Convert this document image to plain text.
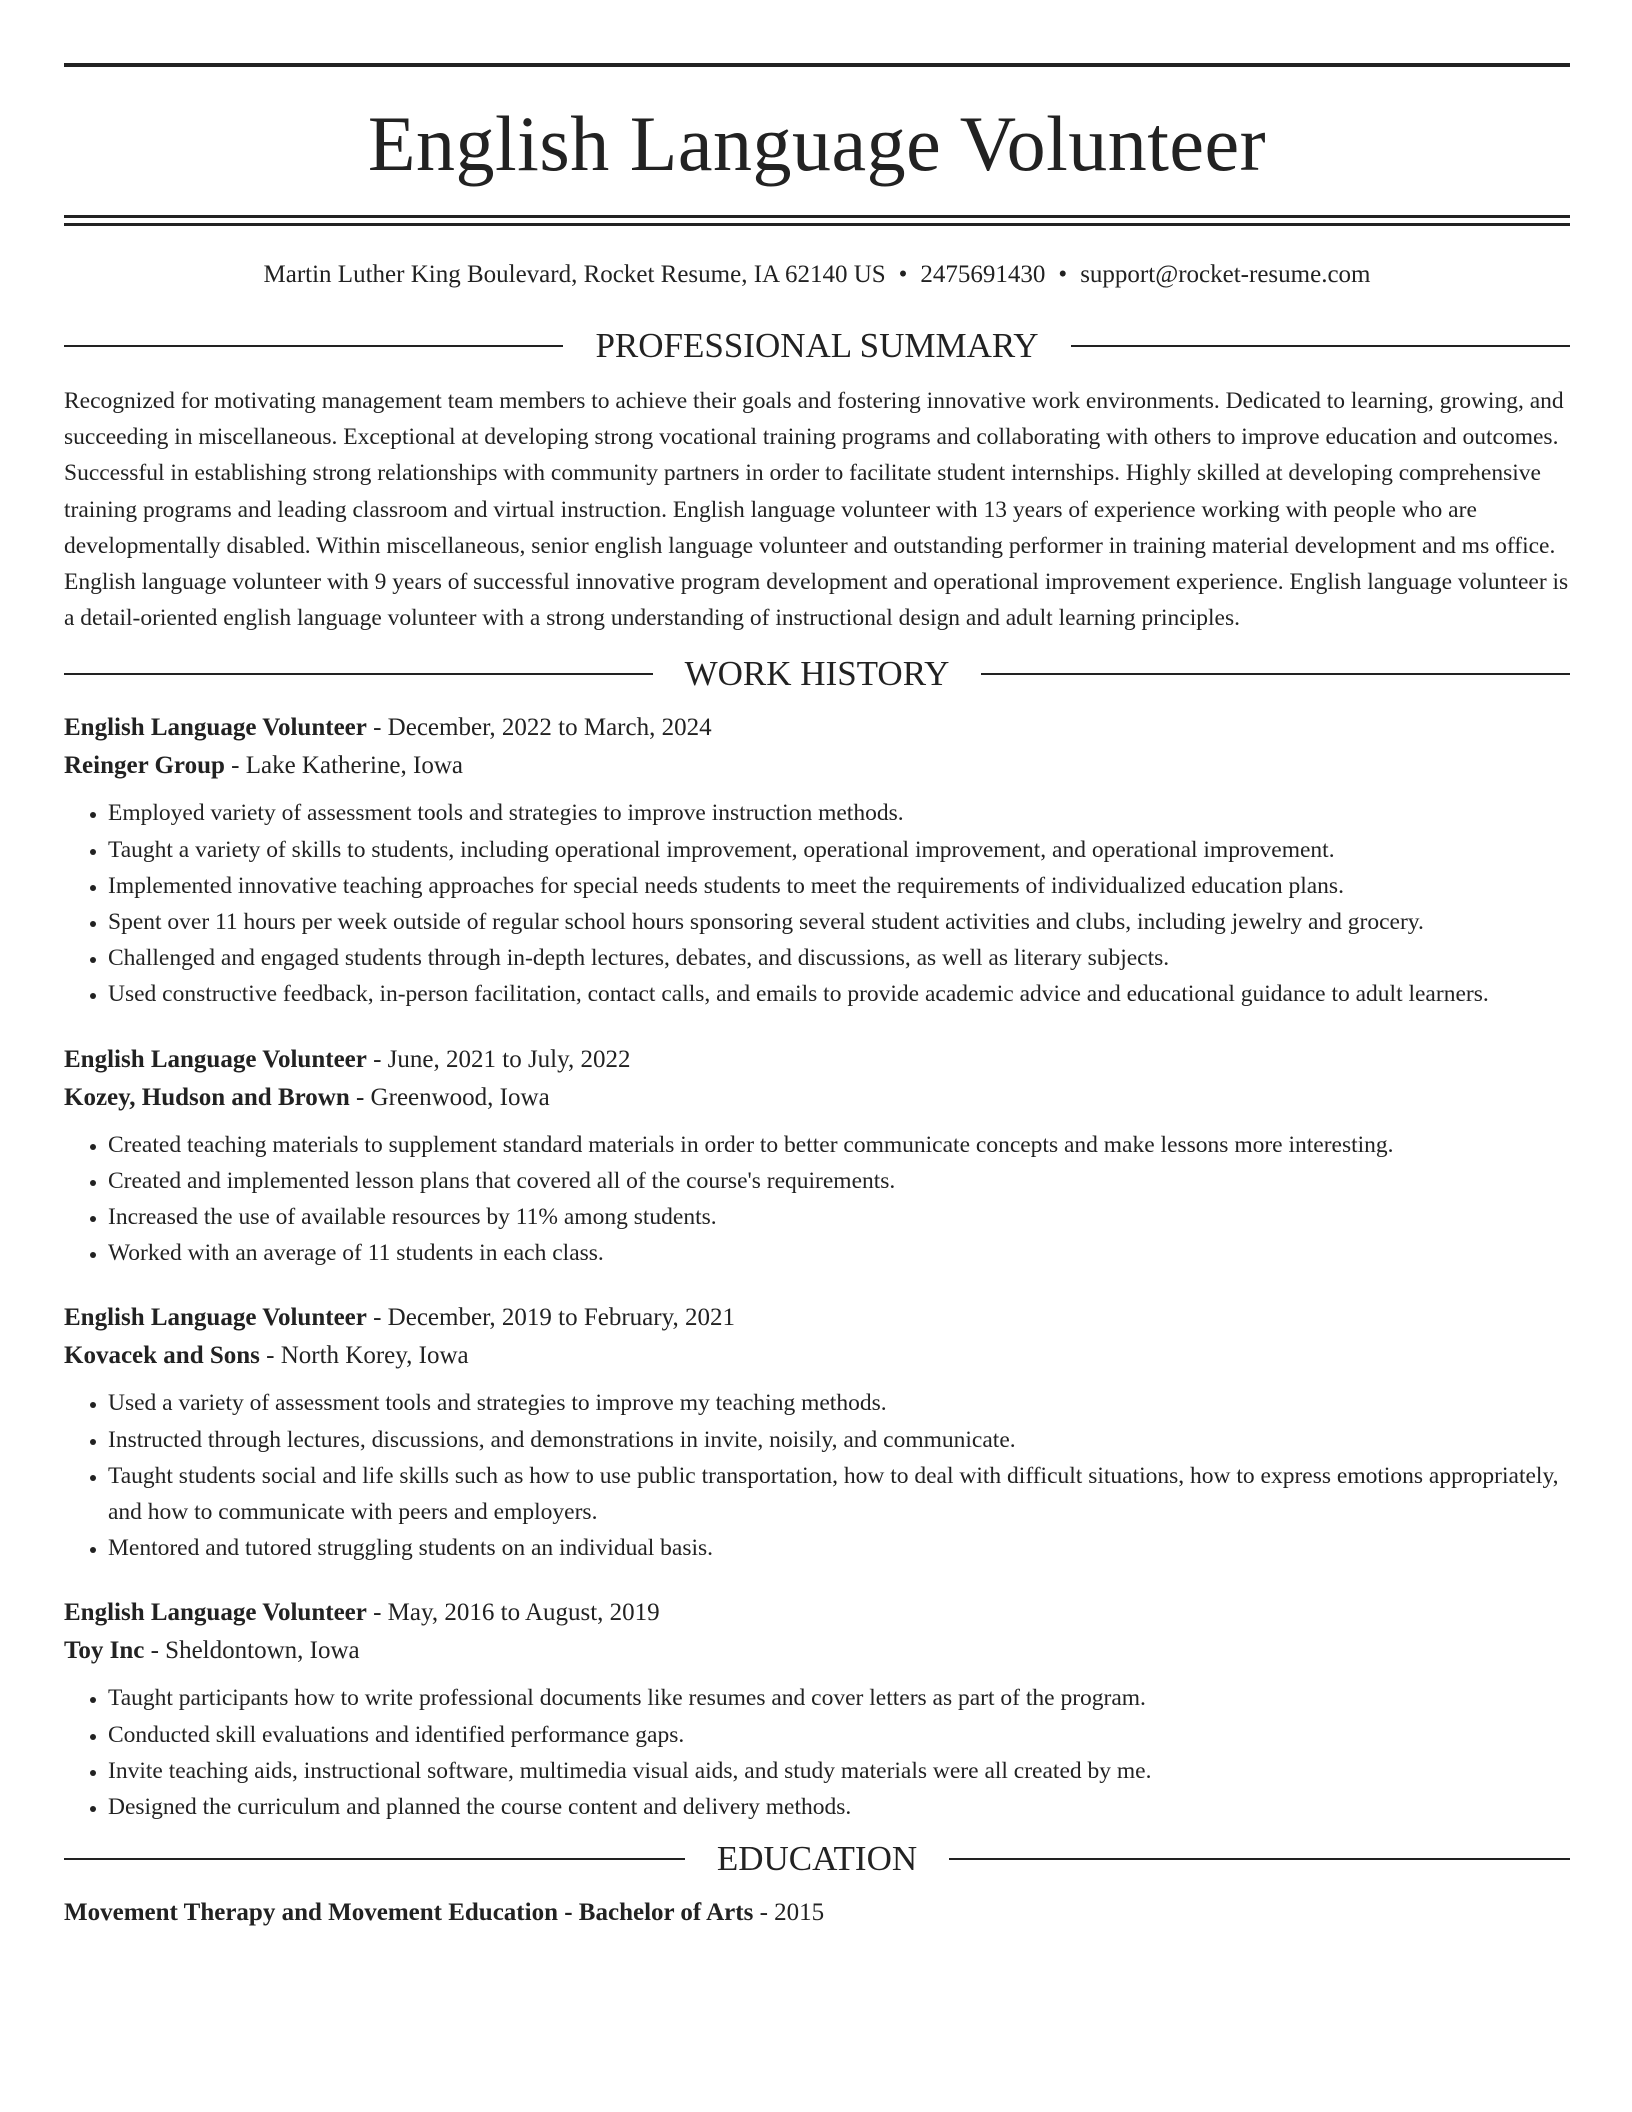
English Language Volunteer
Martin Luther King Boulevard, Rocket Resume, IA 62140 US • 2475691430 • support@rocket-resume.com
PROFESSIONAL SUMMARY

Recognized for motivating management team members to achieve their goals and fostering innovative work environments. Dedicated to learning, growing, and succeeding in miscellaneous. Exceptional at developing strong vocational training programs and collaborating with others to improve education and outcomes. Successful in establishing strong relationships with community partners in order to facilitate student internships. Highly skilled at developing comprehensive training programs and leading classroom and virtual instruction. English language volunteer with 13 years of experience working with people who are developmentally disabled. Within miscellaneous, senior english language volunteer and outstanding performer in training material development and ms office. English language volunteer with 9 years of successful innovative program development and operational improvement experience. English language volunteer is a detail-oriented english language volunteer with a strong understanding of instructional design and adult learning principles.

WORK HISTORY
English Language Volunteer - December, 2022 to March, 2024
Reinger Group - Lake Katherine, Iowa
• Employed variety of assessment tools and strategies to improve instruction methods.
• Taught a variety of skills to students, including operational improvement, operational improvement, and operational improvement.
• Implemented innovative teaching approaches for special needs students to meet the requirements of individualized education plans.
• Spent over 11 hours per week outside of regular school hours sponsoring several student activities and clubs, including jewelry and grocery.
• Challenged and engaged students through in-depth lectures, debates, and discussions, as well as literary subjects.
• Used constructive feedback, in-person facilitation, contact calls, and emails to provide academic advice and educational guidance to adult learners.
English Language Volunteer - June, 2021 to July, 2022
Kozey, Hudson and Brown - Greenwood, Iowa
• Created teaching materials to supplement standard materials in order to better communicate concepts and make lessons more interesting.
• Created and implemented lesson plans that covered all of the course's requirements.
• Increased the use of available resources by 11% among students.
• Worked with an average of 11 students in each class.
English Language Volunteer - December, 2019 to February, 2021
Kovacek and Sons - North Korey, Iowa
• Used a variety of assessment tools and strategies to improve my teaching methods.
• Instructed through lectures, discussions, and demonstrations in invite, noisily, and communicate.
• Taught students social and life skills such as how to use public transportation, how to deal with difficult situations, how to express emotions appropriately, and how to communicate with peers and employers.
• Mentored and tutored struggling students on an individual basis.
English Language Volunteer - May, 2016 to August, 2019
Toy Inc - Sheldontown, Iowa
• Taught participants how to write professional documents like resumes and cover letters as part of the program.
• Conducted skill evaluations and identified performance gaps.
• Invite teaching aids, instructional software, multimedia visual aids, and study materials were all created by me.
• Designed the curriculum and planned the course content and delivery methods.
EDUCATION
Movement Therapy and Movement Education - Bachelor of Arts - 2015
